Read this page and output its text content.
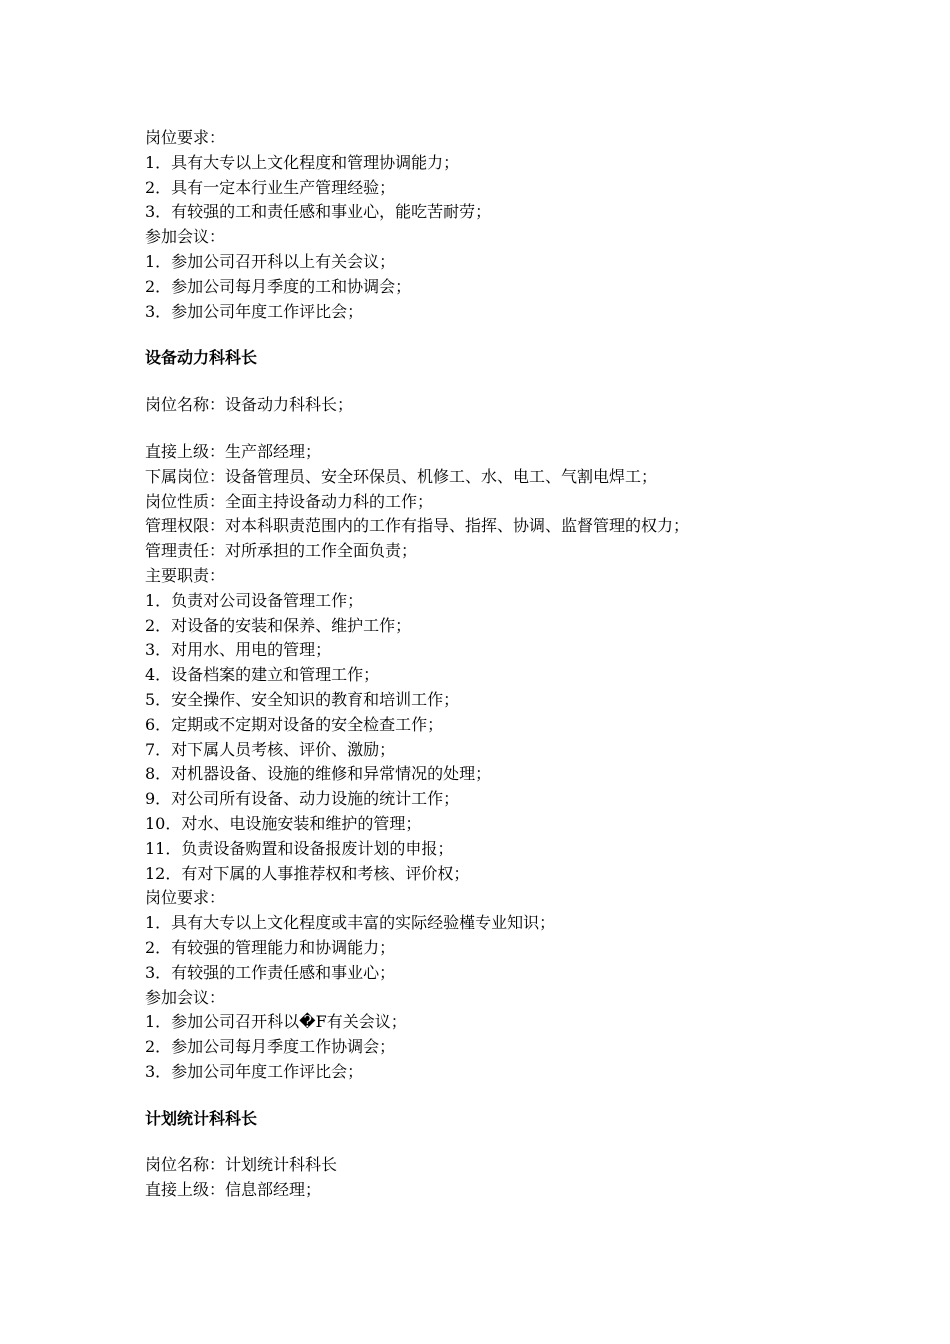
岗位要求：
1．具有大专以上文化程度和管理协调能力；
2．具有一定本行业生产管理经验；
3．有较强的工和责任感和事业心，能吃苦耐劳；
参加会议：
1．参加公司召开科以上有关会议；
2．参加公司每月季度的工和协调会；
3．参加公司年度工作评比会；
设备动力科科长
岗位名称：设备动力科科长；
直接上级：生产部经理；
下属岗位：设备管理员、安全环保员、机修工、水、电工、气割电焊工；
岗位性质：全面主持设备动力科的工作；
管理权限：对本科职责范围内的工作有指导、指挥、协调、监督管理的权力；
管理责任：对所承担的工作全面负责；
主要职责：
1．负责对公司设备管理工作；
2．对设备的安装和保养、维护工作；
3．对用水、用电的管理；
4．设备档案的建立和管理工作；
5．安全操作、安全知识的教育和培训工作；
6．定期或不定期对设备的安全检查工作；
7．对下属人员考核、评价、激励；
8．对机器设备、设施的维修和异常情况的处理；
9．对公司所有设备、动力设施的统计工作；
10．对水、电设施安装和维护的管理；
11．负责设备购置和设备报废计划的申报；
12．有对下属的人事推荐权和考核、评价权；
岗位要求：
1．具有大专以上文化程度或丰富的实际经验槿专业知识；
2．有较强的管理能力和协调能力；
3．有较强的工作责任感和事业心；
参加会议：
1．参加公司召开科以�F有关会议；
2．参加公司每月季度工作协调会；
3．参加公司年度工作评比会；
计划统计科科长
岗位名称：计划统计科科长
直接上级：信息部经理；
